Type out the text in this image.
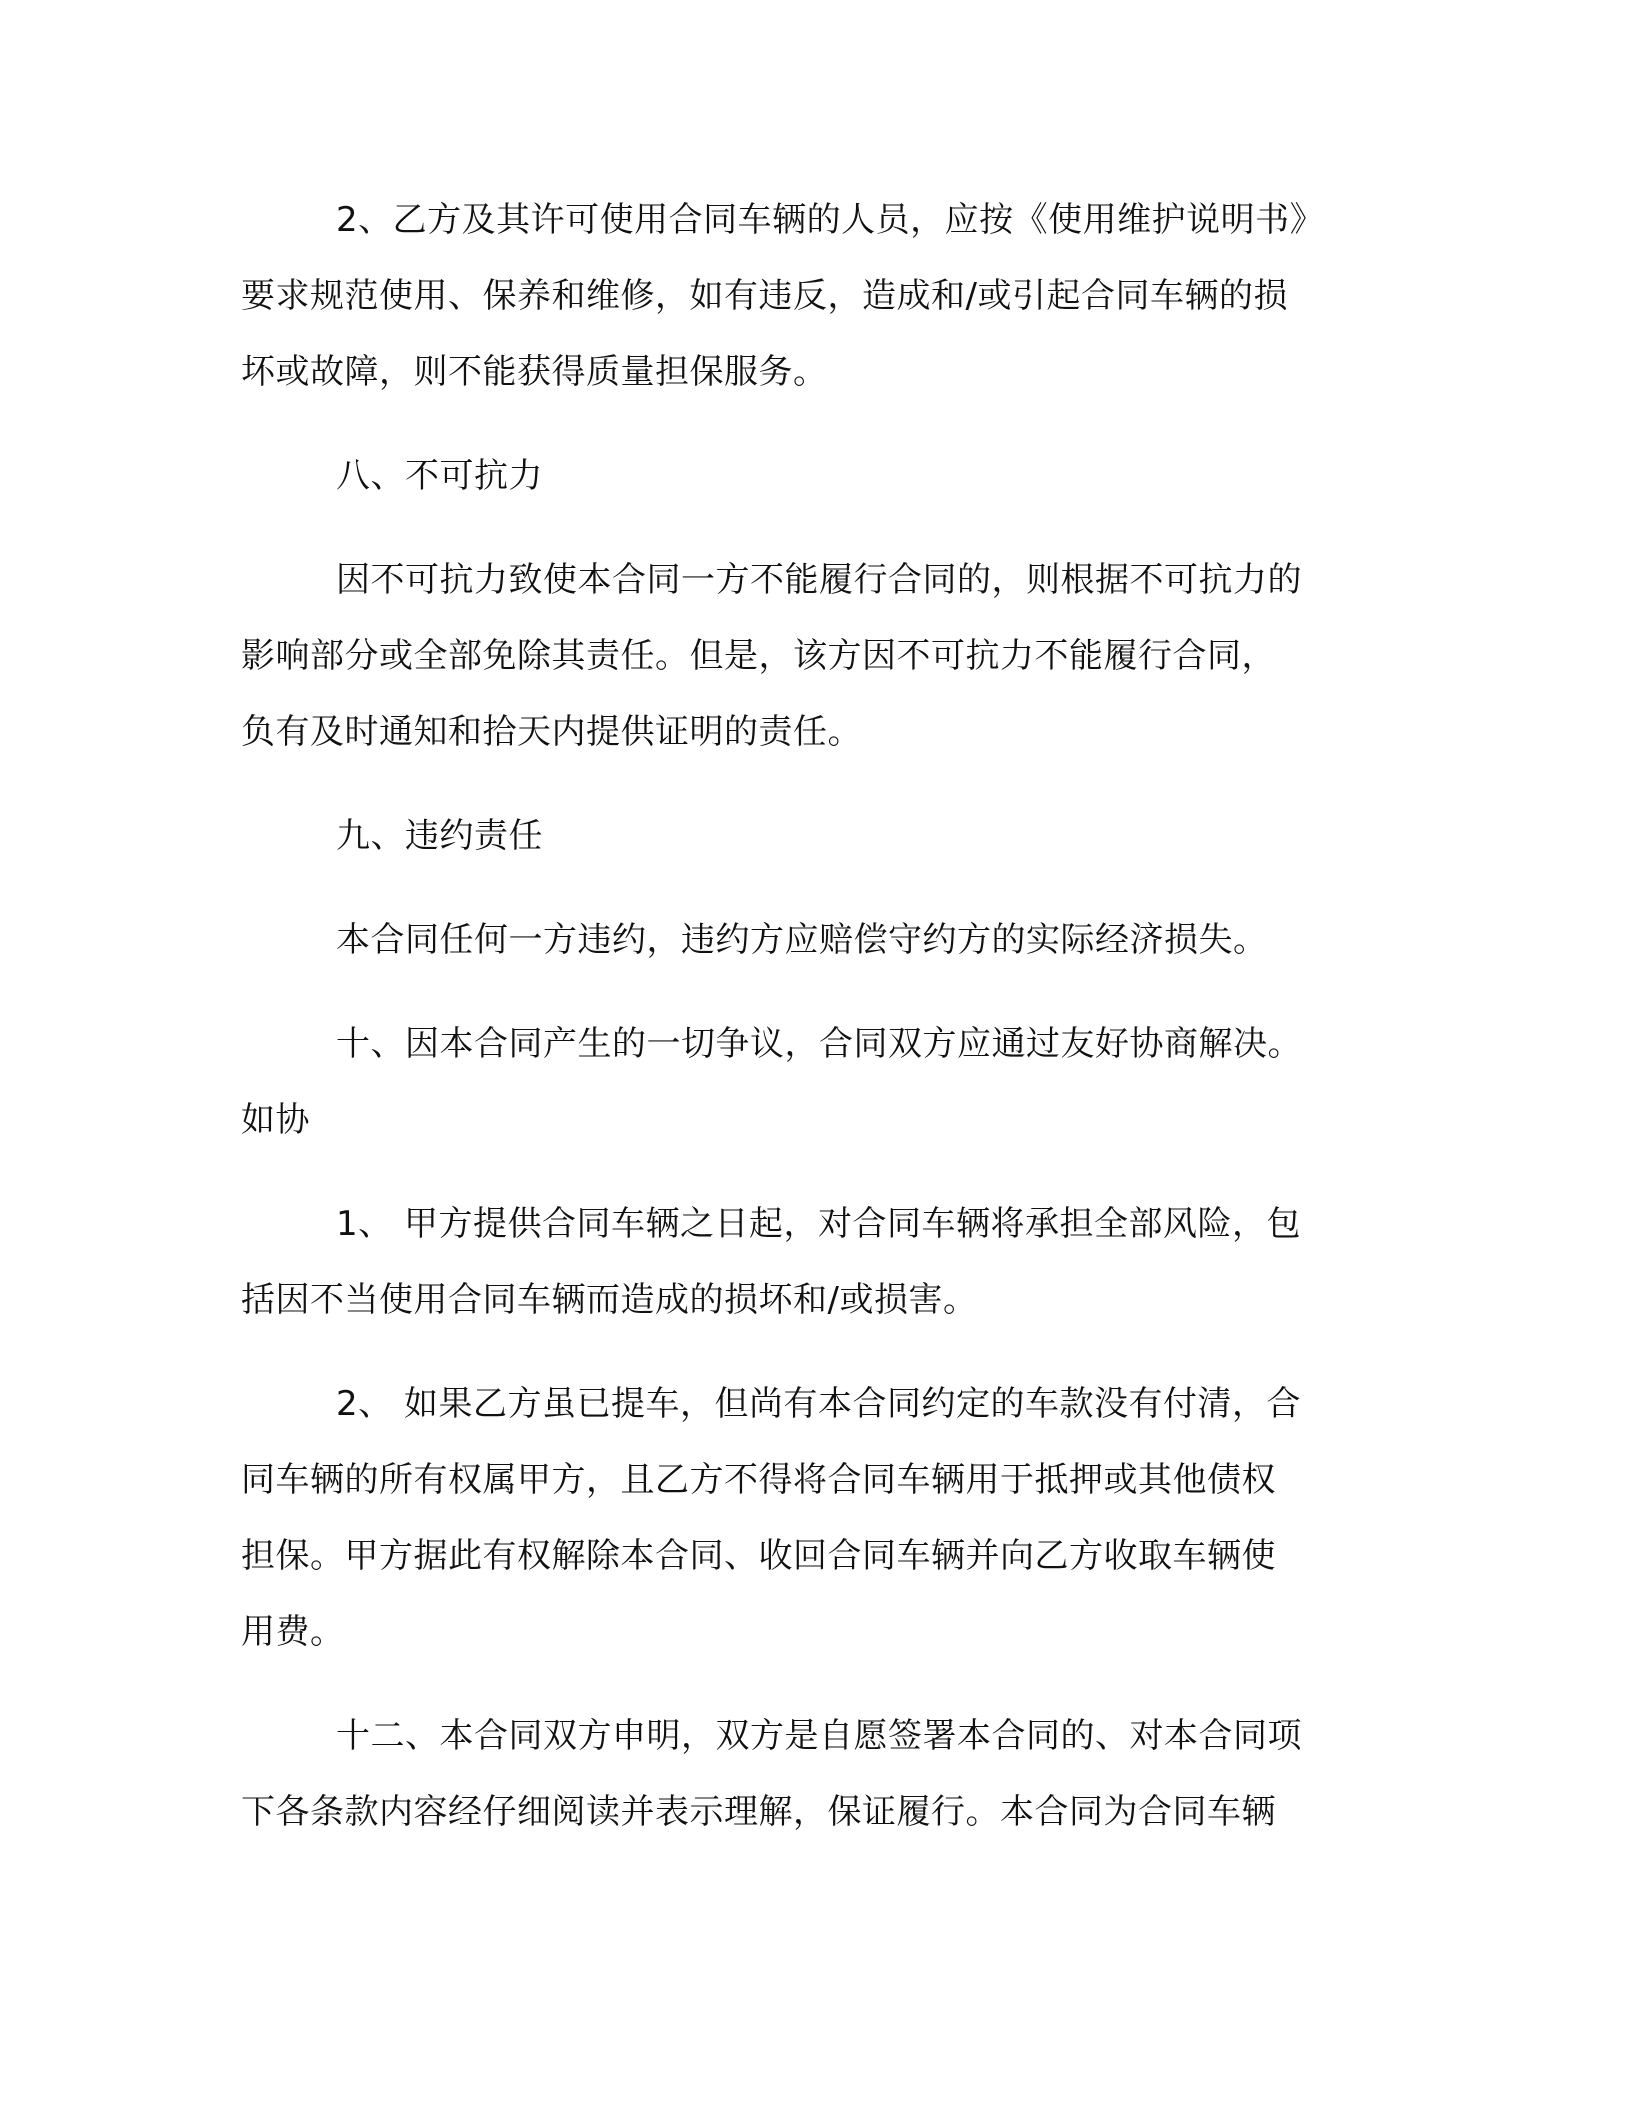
2、乙方及其许可使用合同车辆的人员，应按《使用维护说明书》
要求规范使用、保养和维修，如有违反，造成和/或引起合同车辆的损
坏或故障，则不能获得质量担保服务。
八、不可抗力
因不可抗力致使本合同一方不能履行合同的，则根据不可抗力的
影响部分或全部免除其责任。但是，该方因不可抗力不能履行合同，
负有及时通知和拾天内提供证明的责任。
九、违约责任
本合同任何一方违约，违约方应赔偿守约方的实际经济损失。
十、因本合同产生的一切争议，合同双方应通过友好协商解决。
如协
1、 甲方提供合同车辆之日起，对合同车辆将承担全部风险，包
括因不当使用合同车辆而造成的损坏和/或损害。
2、 如果乙方虽已提车，但尚有本合同约定的车款没有付清，合
同车辆的所有权属甲方，且乙方不得将合同车辆用于抵押或其他债权
担保。甲方据此有权解除本合同、收回合同车辆并向乙方收取车辆使
用费。
十二、本合同双方申明，双方是自愿签署本合同的、对本合同项
下各条款内容经仔细阅读并表示理解，保证履行。本合同为合同车辆
